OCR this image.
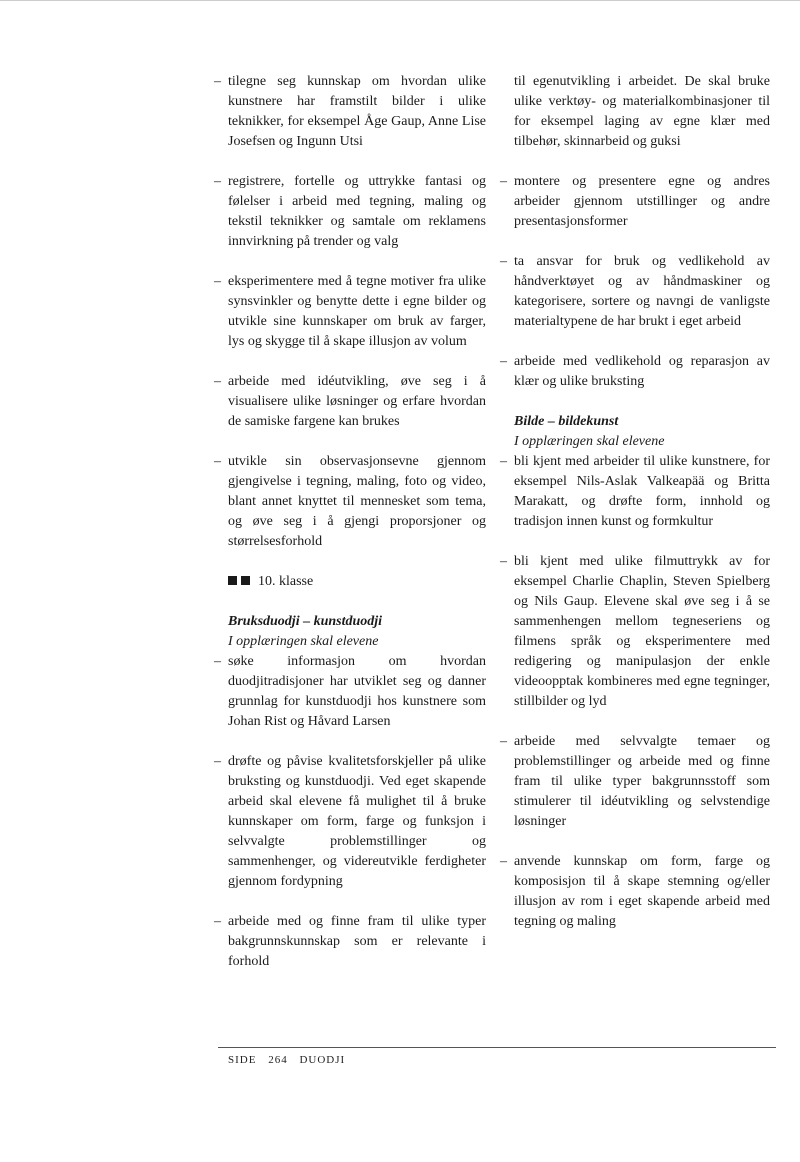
– tilegne seg kunnskap om hvordan ulike kunstnere har framstilt bilder i ulike teknikker, for eksempel Åge Gaup, Anne Lise Josefsen og Ingunn Utsi
– registrere, fortelle og uttrykke fantasi og følelser i arbeid med tegning, maling og tekstil teknikker og samtale om reklamens innvirkning på trender og valg
– eksperimentere med å tegne motiver fra ulike synsvinkler og benytte dette i egne bilder og utvikle sine kunnskaper om bruk av farger, lys og skygge til å skape illusjon av volum
– arbeide med idéutvikling, øve seg i å visualisere ulike løsninger og erfare hvordan de samiske fargene kan brukes
– utvikle sin observasjonsevne gjennom gjengivelse i tegning, maling, foto og video, blant annet knyttet til mennesket som tema, og øve seg i å gjengi proporsjoner og størrelsesforhold
10. klasse
Bruksduodji – kunstduodji
I opplæringen skal elevene
– søke informasjon om hvordan duodjitradisjoner har utviklet seg og danner grunnlag for kunstduodji hos kunstnere som Johan Rist og Håvard Larsen
– drøfte og påvise kvalitetsforskjeller på ulike bruksting og kunstduodji. Ved eget skapende arbeid skal elevene få mulighet til å bruke kunnskaper om form, farge og funksjon i selvvalgte problemstillinger og sammenhenger, og videreutvikle ferdigheter gjennom fordypning
– arbeide med og finne fram til ulike typer bakgrunnskunnskap som er relevante i forhold
til egenutvikling i arbeidet. De skal bruke ulike verktøy- og materialkombinasjoner til for eksempel laging av egne klær med tilbehør, skinnarbeid og guksi
– montere og presentere egne og andres arbeider gjennom utstillinger og andre presentasjonsformer
– ta ansvar for bruk og vedlikehold av håndverktøyet og av håndmaskiner og kategorisere, sortere og navngi de vanligste materialtypene de har brukt i eget arbeid
– arbeide med vedlikehold og reparasjon av klær og ulike bruksting
Bilde – bildekunst
I opplæringen skal elevene
– bli kjent med arbeider til ulike kunstnere, for eksempel Nils-Aslak Valkeapää og Britta Marakatt, og drøfte form, innhold og tradisjon innen kunst og formkultur
– bli kjent med ulike filmuttrykk av for eksempel Charlie Chaplin, Steven Spielberg og Nils Gaup. Elevene skal øve seg i å se sammenhengen mellom tegneseriens og filmens språk og eksperimentere med redigering og manipulasjon der enkle videoopptak kombineres med egne tegninger, stillbilder og lyd
– arbeide med selvvalgte temaer og problemstillinger og arbeide med og finne fram til ulike typer bakgrunnsstoff som stimulerer til idéutvikling og selvstendige løsninger
– anvende kunnskap om form, farge og komposisjon til å skape stemning og/eller illusjon av rom i eget skapende arbeid med tegning og maling
SIDE 264 DUODJI
